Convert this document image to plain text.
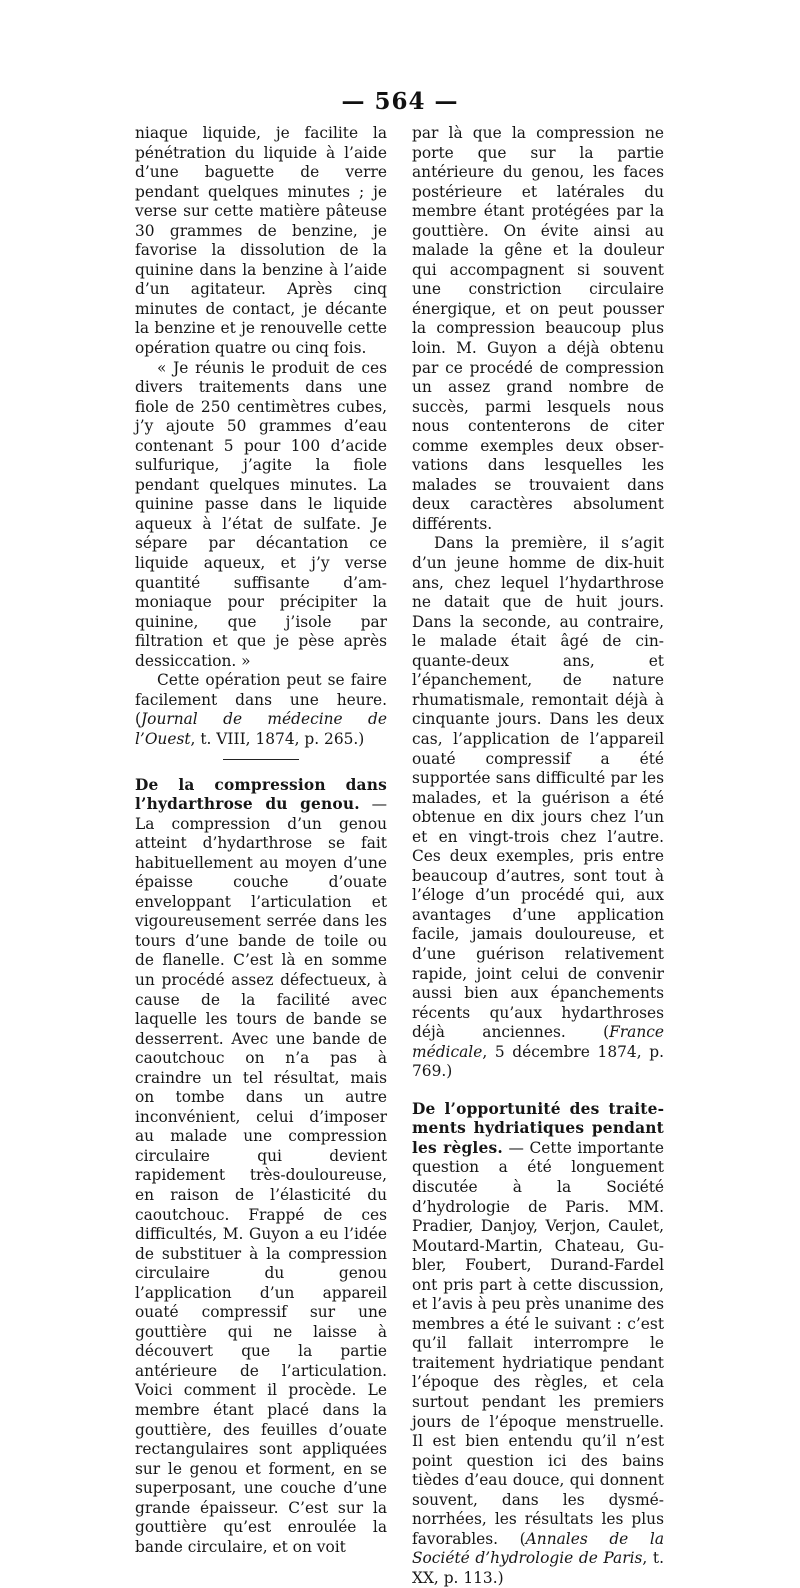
— 564 —

niaque liquide, je facilite la pénétration du liquide à l’aide d’une baguette de verre pendant quelques minutes ; je verse sur cette matière pâteuse 30 grammes de benzine, je favorise la dissolution de la quinine dans la benzine à l’aide d’un agitateur. Après cinq minutes de contact, je décante la benzine et je renouvelle cette opération quatre ou cinq fois.

« Je réunis le produit de ces divers traitements dans une fiole de 250 centimètres cubes, j’y ajoute 50 grammes d’eau contenant 5 pour 100 d’acide sulfurique, j’agite la fiole pendant quelques minutes. La quinine passe dans le liquide aqueux à l’état de sulfate. Je sépare par décantation ce liquide aqueux, et j’y verse quantité suffisante d’ammoniaque pour précipiter la quinine, que j’isole par filtration et que je pèse après dessiccation. »

Cette opération peut se faire facilement dans une heure. (Journal de médecine de l’Ouest, t. VIII, 1874, p. 265.)

De la compression dans l’hydarthrose du genou. — La compression d’un genou atteint d’hydarthrose se fait habituellement au moyen d’une épaisse couche d’ouate enveloppant l’articulation et vigoureusement serrée dans les tours d’une bande de toile ou de flanelle. C’est là en somme un procédé assez défectueux, à cause de la facilité avec laquelle les tours de bande se desserrent. Avec une bande de caoutchouc on n’a pas à craindre un tel résultat, mais on tombe dans un autre inconvénient, celui d’imposer au malade une compression circulaire qui devient rapidement très-douloureuse, en raison de l’élasticité du caoutchouc. Frappé de ces difficultés, M. Guyon a eu l’idée de substituer à la compression circulaire du genou l’application d’un appareil ouaté compressif sur une gouttière qui ne laisse à découvert que la partie antérieure de l’articulation. Voici comment il procède. Le membre étant placé dans la gouttière, des feuilles d’ouate rectangulaires sont appliquées sur le genou et forment, en se superposant, une couche d’une grande épaisseur. C’est sur la gouttière qu’est enroulée la bande circulaire, et on voit

par là que la compression ne porte que sur la partie antérieure du genou, les faces postérieure et latérales du membre étant protégées par la gouttière. On évite ainsi au malade la gêne et la douleur qui accompagnent si souvent une constriction circulaire énergique, et on peut pousser la compression beaucoup plus loin. M. Guyon a déjà obtenu par ce procédé de compression un assez grand nombre de succès, parmi lesquels nous nous contenterons de citer comme exemples deux observations dans lesquelles les malades se trouvaient dans deux caractères absolument différents.

Dans la première, il s’agit d’un jeune homme de dix-huit ans, chez lequel l’hydarthrose ne datait que de huit jours. Dans la seconde, au contraire, le malade était âgé de cinquante-deux ans, et l’épanchement, de nature rhumatismale, remontait déjà à cinquante jours. Dans les deux cas, l’application de l’appareil ouaté compressif a été supportée sans difficulté par les malades, et la guérison a été obtenue en dix jours chez l’un et en vingt-trois chez l’autre. Ces deux exemples, pris entre beaucoup d’autres, sont tout à l’éloge d’un procédé qui, aux avantages d’une application facile, jamais douloureuse, et d’une guérison relativement rapide, joint celui de convenir aussi bien aux épanchements récents qu’aux hydarthroses déjà anciennes. (France médicale, 5 décembre 1874, p. 769.)

De l’opportunité des traitements hydriatiques pendant les règles. — Cette importante question a été longuement discutée à la Société d’hydrologie de Paris. MM. Pradier, Danjoy, Verjon, Caulet, Moutard-Martin, Chateau, Gubler, Foubert, Durand-Fardel ont pris part à cette discussion, et l’avis à peu près unanime des membres a été le suivant : c’est qu’il fallait interrompre le traitement hydriatique pendant l’époque des règles, et cela surtout pendant les premiers jours de l’époque menstruelle. Il est bien entendu qu’il n’est point question ici des bains tièdes d’eau douce, qui donnent souvent, dans les dysménorrhées, les résultats les plus favorables. (Annales de la Société d’hydrologie de Paris, t. XX, p. 113.)
